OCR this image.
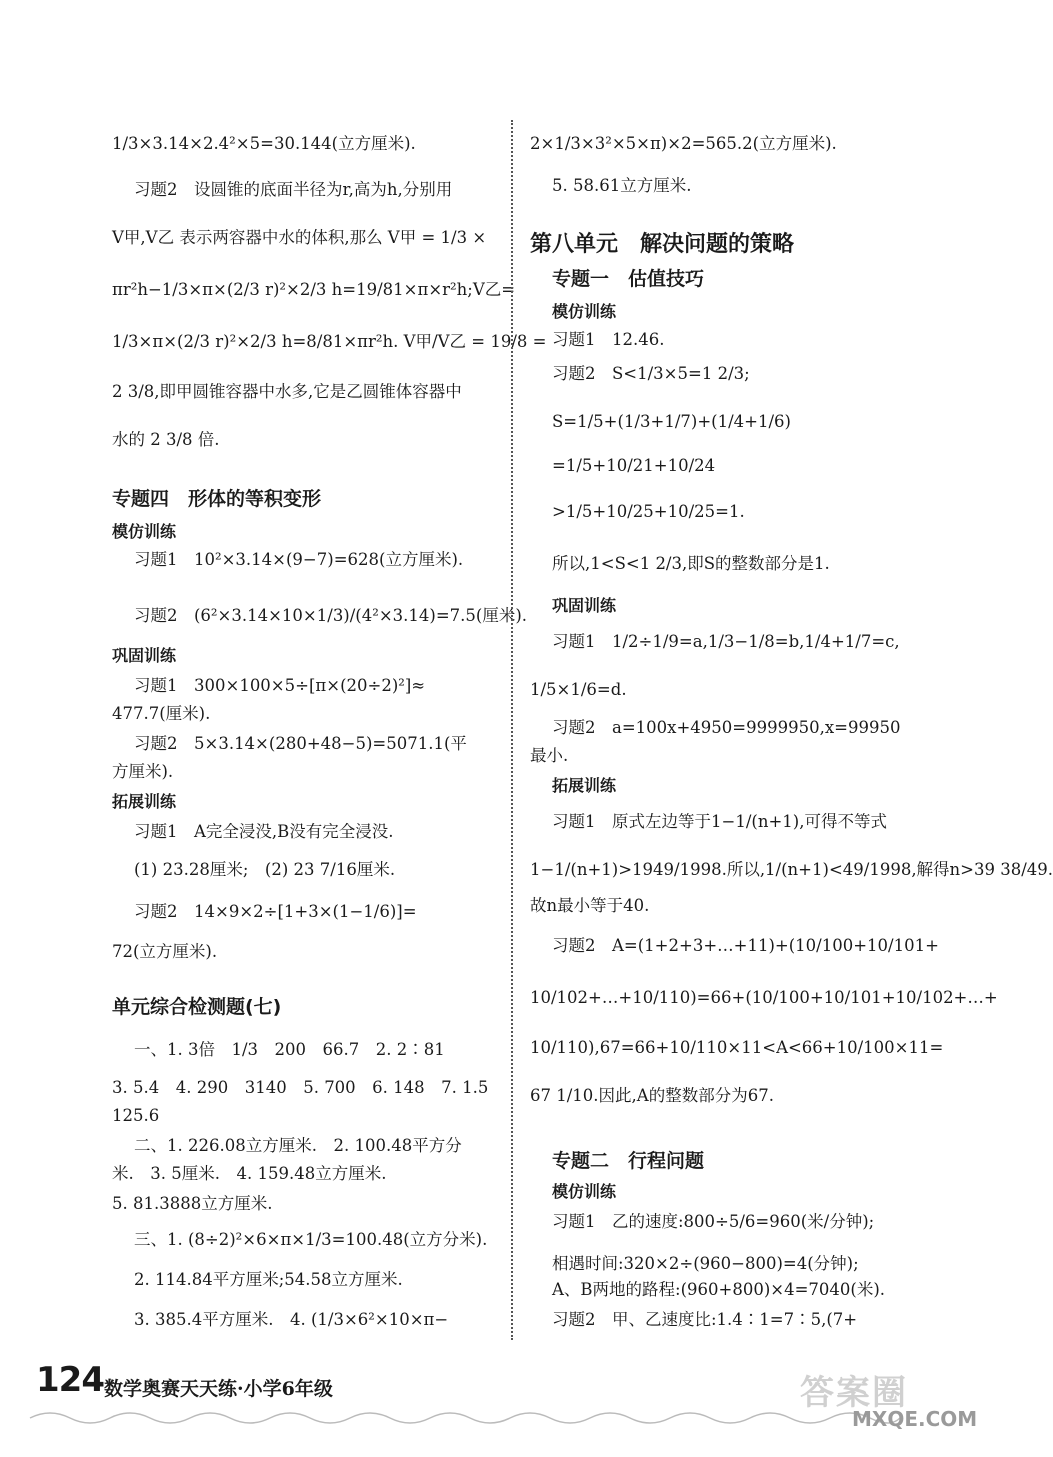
1/3×3.14×2.4²×5=30.144(立方厘米).
习题2　设圆锥的底面半径为r,高为h,分别用
V甲,V乙 表示两容器中水的体积,那么 V甲 = 1/3 ×
πr²h−1/3×π×(2/3 r)²×2/3 h=19/81×π×r²h;V乙=
1/3×π×(2/3 r)²×2/3 h=8/81×πr²h. V甲/V乙 = 19/8 =
2 3/8,即甲圆锥容器中水多,它是乙圆锥体容器中
水的 2 3/8 倍.
专题四　形体的等积变形
模仿训练
习题1　10²×3.14×(9−7)=628(立方厘米).
习题2　(6²×3.14×10×1/3)/(4²×3.14)=7.5(厘米).
巩固训练
习题1　300×100×5÷[π×(20÷2)²]≈
477.7(厘米).
习题2　5×3.14×(280+48−5)=5071.1(平
方厘米).
拓展训练
习题1　A完全浸没,B没有完全浸没.
(1) 23.28厘米;　(2) 23 7/16厘米.
习题2　14×9×2÷[1+3×(1−1/6)]=
72(立方厘米).
单元综合检测题(七)
一、1. 3倍　1/3　200　66.7　2. 2∶81
3. 5.4　4. 290　3140　5. 700　6. 148　7. 1.5
125.6
二、1. 226.08立方厘米.　2. 100.48平方分
米.　3. 5厘米.　4. 159.48立方厘米.
5. 81.3888立方厘米.
三、1. (8÷2)²×6×π×1/3=100.48(立方分米).
2. 114.84平方厘米;54.58立方厘米.
3. 385.4平方厘米.　4. (1/3×6²×10×π−
2×1/3×3²×5×π)×2=565.2(立方厘米).
5. 58.61立方厘米.
第八单元　解决问题的策略
专题一　估值技巧
模仿训练
习题1　12.46.
习题2　S<1/3×5=1 2/3;
S=1/5+(1/3+1/7)+(1/4+1/6)
=1/5+10/21+10/24
>1/5+10/25+10/25=1.
所以,1<S<1 2/3,即S的整数部分是1.
巩固训练
习题1　1/2÷1/9=a,1/3−1/8=b,1/4+1/7=c,
1/5×1/6=d.
习题2　a=100x+4950=9999950,x=99950
最小.
拓展训练
习题1　原式左边等于1−1/(n+1),可得不等式
1−1/(n+1)>1949/1998.所以,1/(n+1)<49/1998,解得n>39 38/49.
故n最小等于40.
习题2　A=(1+2+3+…+11)+(10/100+10/101+
10/102+…+10/110)=66+(10/100+10/101+10/102+…+
10/110),67=66+10/110×11<A<66+10/100×11=
67 1/10.因此,A的整数部分为67.
专题二　行程问题
模仿训练
习题1　乙的速度:800÷5/6=960(米/分钟);
相遇时间:320×2÷(960−800)=4(分钟);
A、B两地的路程:(960+800)×4=7040(米).
习题2　甲、乙速度比:1.4∶1=7∶5,(7+
124 数学奥赛天天练·小学6年级	答案圈
MXQE.COM
